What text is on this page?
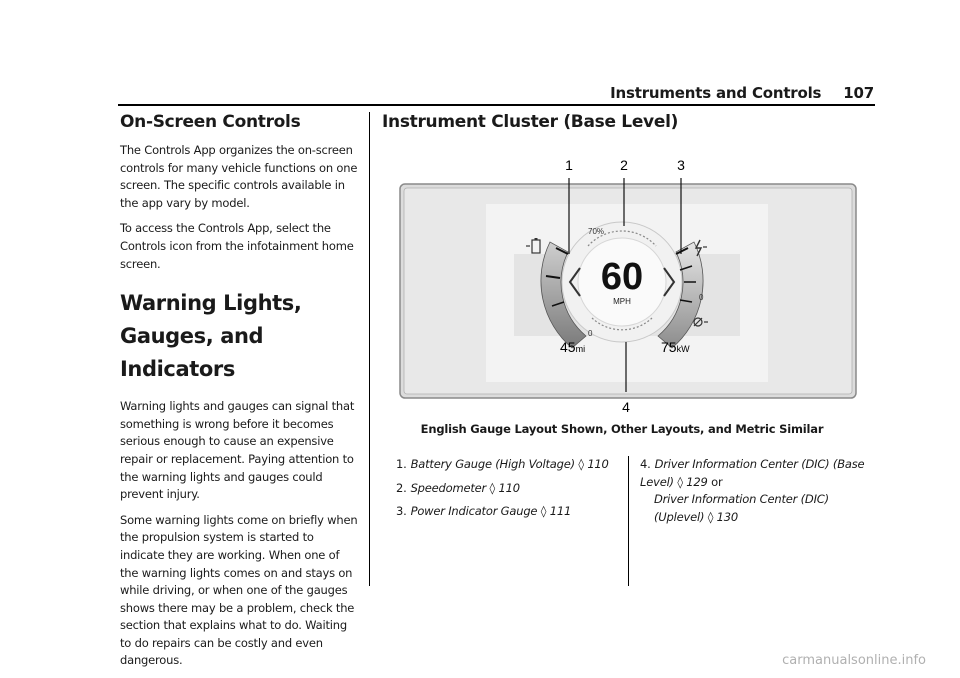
Instruments and Controls 107
On-Screen Controls

The Controls App organizes the on-screen controls for many vehicle functions on one screen. The specific controls available in the app vary by model.

To access the Controls App, select the Controls icon from the infotainment home screen.

Warning Lights, Gauges, and Indicators

Warning lights and gauges can signal that something is wrong before it becomes serious enough to cause an expensive repair or replacement. Paying attention to the warning lights and gauges could prevent injury.

Some warning lights come on briefly when the propulsion system is started to indicate they are working. When one of the warning lights comes on and stays on while driving, or when one of the gauges shows there may be a problem, check the section that explains what to do. Waiting to do repairs can be costly and even dangerous.

Instrument Cluster (Base Level)
1	2	3
4
60
MPH
70%
0
0
45mi	75kW
English Gauge Layout Shown, Other Layouts, and Metric Similar
1. Battery Gauge (High Voltage) ◊ 110
2. Speedometer ◊ 110
3. Power Indicator Gauge ◊ 111
4. Driver Information Center (DIC) (Base Level) ◊ 129 or
Driver Information Center (DIC) (Uplevel) ◊ 130
carmanualsonline.info
